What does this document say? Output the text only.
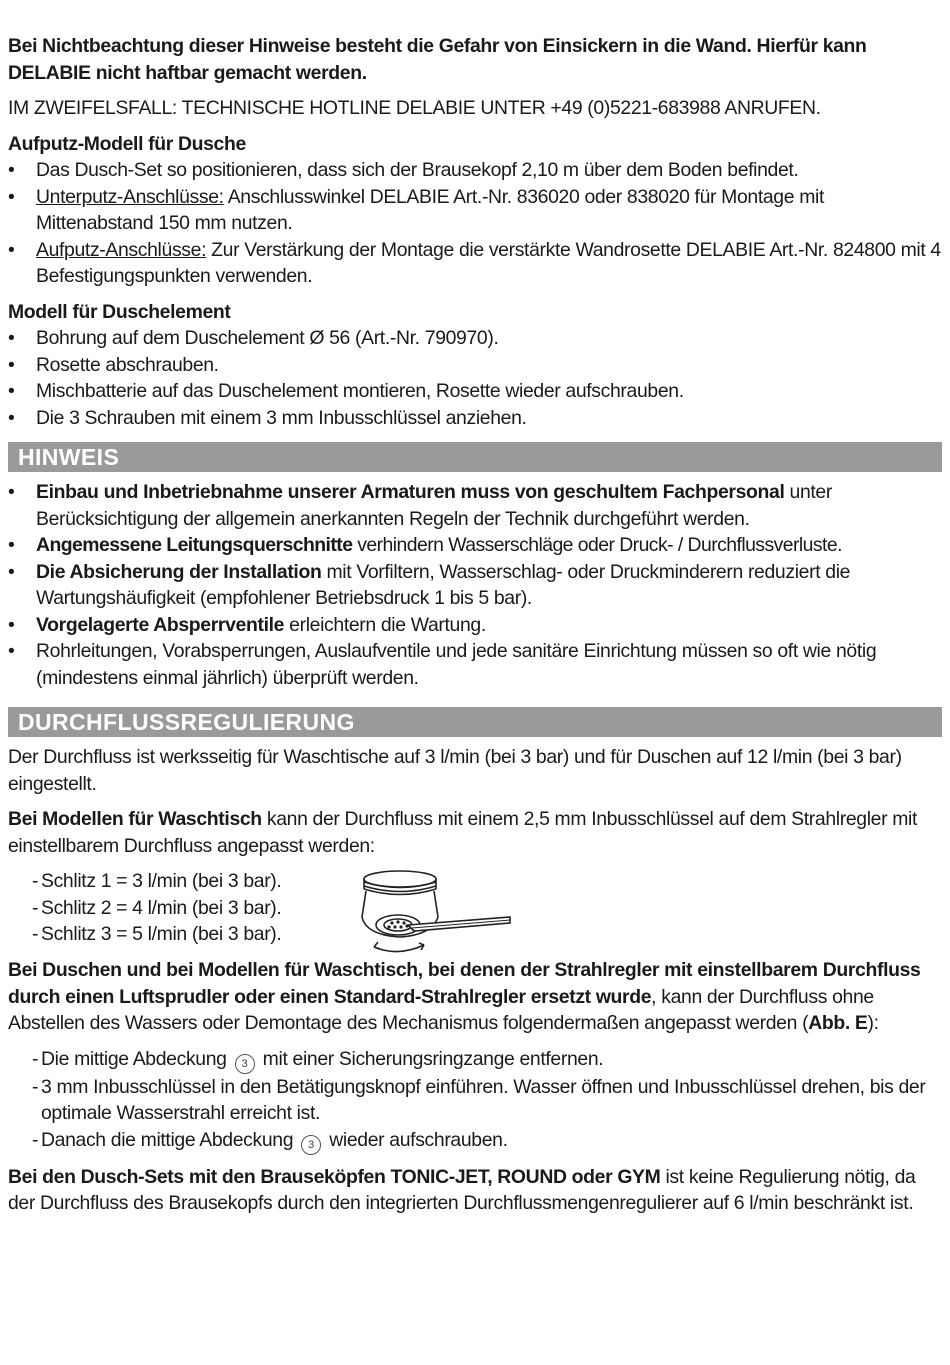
Bei Nichtbeachtung dieser Hinweise besteht die Gefahr von Einsickern in die Wand. Hierfür kann DELABIE nicht haftbar gemacht werden.

IM ZWEIFELSFALL: TECHNISCHE HOTLINE DELABIE UNTER +49 (0)5221-683988 ANRUFEN.

Aufputz-Modell für Dusche

• Das Dusch-Set so positionieren, dass sich der Brausekopf 2,10 m über dem Boden befindet.
• Unterputz-Anschlüsse: Anschlusswinkel DELABIE Art.-Nr. 836020 oder 838020 für Montage mit Mittenabstand 150 mm nutzen.
• Aufputz-Anschlüsse: Zur Verstärkung der Montage die verstärkte Wandrosette DELABIE Art.-Nr. 824800 mit 4 Befestigungspunkten verwenden.

Modell für Duschelement

• Bohrung auf dem Duschelement Ø 56 (Art.-Nr. 790970).
• Rosette abschrauben.
• Mischbatterie auf das Duschelement montieren, Rosette wieder aufschrauben.
• Die 3 Schrauben mit einem 3 mm Inbusschlüssel anziehen.
HINWEIS
• Einbau und Inbetriebnahme unserer Armaturen muss von geschultem Fachpersonal unter Berücksichtigung der allgemein anerkannten Regeln der Technik durchgeführt werden.
• Angemessene Leitungsquerschnitte verhindern Wasserschläge oder Druck- / Durchflussverluste.
• Die Absicherung der Installation mit Vorfiltern, Wasserschlag- oder Druckminderern reduziert die Wartungshäufigkeit (empfohlener Betriebsdruck 1 bis 5 bar).
• Vorgelagerte Absperrventile erleichtern die Wartung.
• Rohrleitungen, Vorabsperrungen, Auslaufventile und jede sanitäre Einrichtung müssen so oft wie nötig (mindestens einmal jährlich) überprüft werden.
DURCHFLUSSREGULIERUNG

Der Durchfluss ist werksseitig für Waschtische auf 3 l/min (bei 3 bar) und für Duschen auf 12 l/min (bei 3 bar) eingestellt.

Bei Modellen für Waschtisch kann der Durchfluss mit einem 2,5 mm Inbusschlüssel auf dem Strahlregler mit einstellbarem Durchfluss angepasst werden:

- Schlitz 1 = 3 l/min (bei 3 bar).
- Schlitz 2 = 4 l/min (bei 3 bar).
- Schlitz 3 = 5 l/min (bei 3 bar).

Bei Duschen und bei Modellen für Waschtisch, bei denen der Strahlregler mit einstellbarem Durchfluss durch einen Luftsprudler oder einen Standard-Strahlregler ersetzt wurde, kann der Durchfluss ohne Abstellen des Wassers oder Demontage des Mechanismus folgendermaßen angepasst werden (Abb. E):

- Die mittige Abdeckung 3 mit einer Sicherungsringzange entfernen.
- 3 mm Inbusschlüssel in den Betätigungsknopf einführen. Wasser öffnen und Inbusschlüssel drehen, bis der optimale Wasserstrahl erreicht ist.
- Danach die mittige Abdeckung 3 wieder aufschrauben.

Bei den Dusch-Sets mit den Brauseköpfen TONIC-JET, ROUND oder GYM ist keine Regulierung nötig, da der Durchfluss des Brausekopfs durch den integrierten Durchflussmengenregulierer auf 6 l/min beschränkt ist.
